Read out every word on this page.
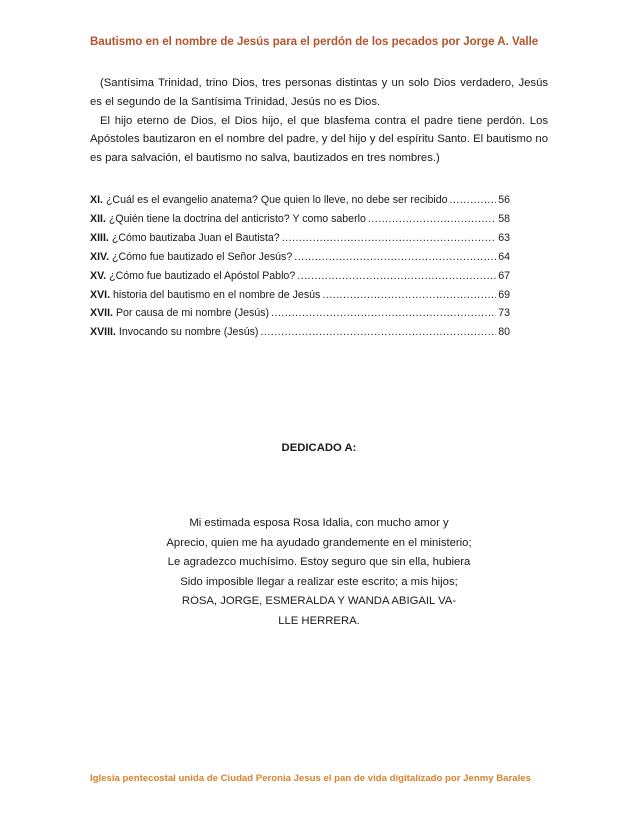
Bautismo en el nombre de Jesús para el perdón de los pecados por Jorge A. Valle

(Santísima Trinidad, trino Dios, tres personas distintas y un solo Dios verdadero, Jesús es el segundo de la Santísima Trinidad, Jesús no es Dios.

El hijo eterno de Dios, el Dios hijo, el que blasfema contra el padre tiene perdón. Los Apóstoles bautizaron en el nombre del padre, y del hijo y del espíritu Santo. El bautismo no es para salvación, el bautismo no salva, bautizados en tres nombres.)

XI. ¿Cuál es el evangelio anatema? Que quien lo lleve, no debe ser recibido .....	56
XII. ¿Quién tiene la doctrina del anticristo? Y como saberlo .....	58
XIII. ¿Cómo bautizaba Juan el Bautista? .....	63
XIV. ¿Cómo fue bautizado el Señor Jesús? .....	64
XV. ¿Cómo fue bautizado el Apóstol Pablo? .....	67
XVI. historia del bautismo en el nombre de Jesús .....	69
XVII. Por causa de mi nombre (Jesús) .....	73
XVIII. Invocando su nombre (Jesús) .....	80
DEDICADO A:
Mi estimada esposa Rosa Idalia, con mucho amor y
Aprecio, quien me ha ayudado grandemente en el ministerio;
Le agradezco muchísimo. Estoy seguro que sin ella, hubiera
Sido imposible llegar a realizar este escrito; a mis hijos;
ROSA, JORGE, ESMERALDA Y WANDA ABIGAIL VA-
LLE HERRERA.
Iglesia pentecostal unida de Ciudad Peronia Jesus el pan de vida digitalizado por Jenmy Barales
